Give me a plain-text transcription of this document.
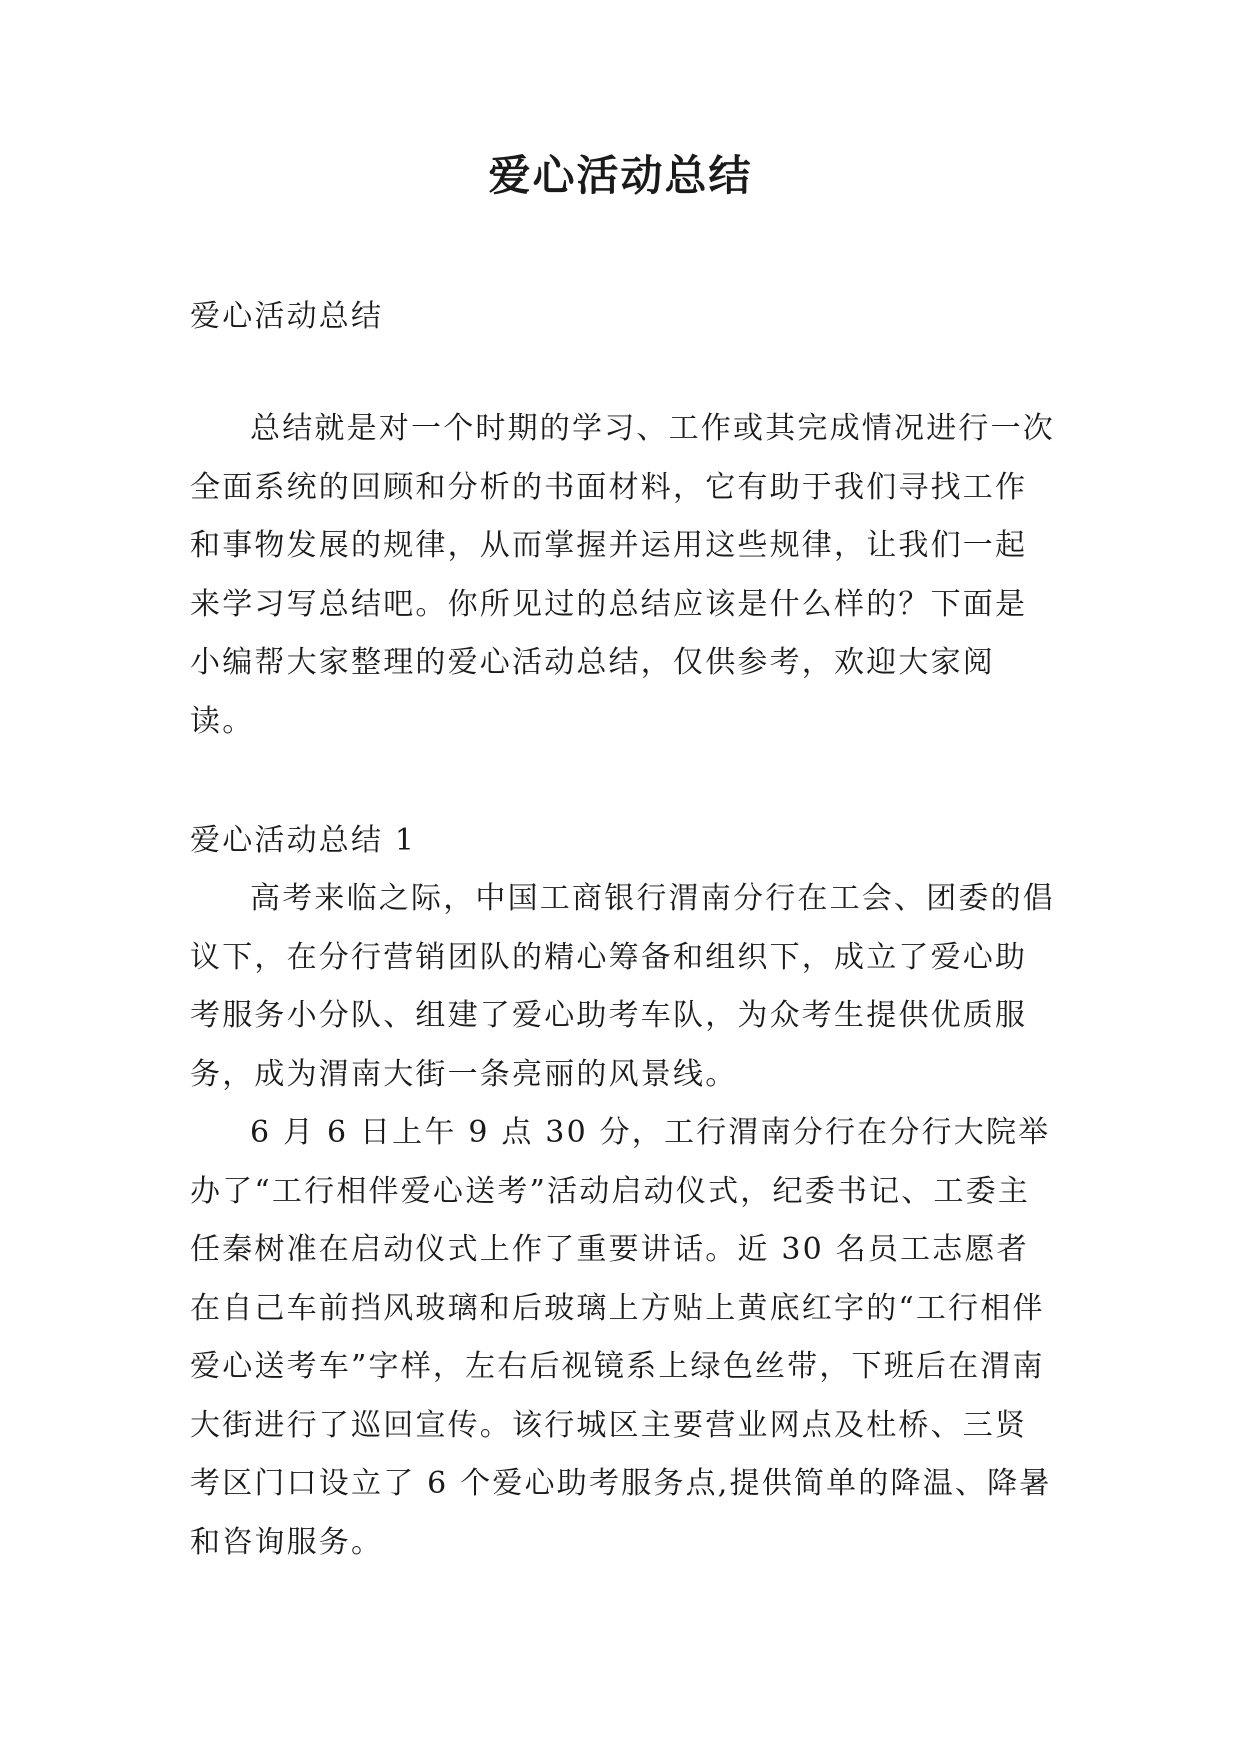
爱心活动总结

爱心活动总结

总结就是对一个时期的学习、工作或其完成情况进行一次全面系统的回顾和分析的书面材料，它有助于我们寻找工作和事物发展的规律，从而掌握并运用这些规律，让我们一起来学习写总结吧。你所见过的总结应该是什么样的？下面是小编帮大家整理的爱心活动总结，仅供参考，欢迎大家阅读。

爱心活动总结 1

高考来临之际，中国工商银行渭南分行在工会、团委的倡议下，在分行营销团队的精心筹备和组织下，成立了爱心助考服务小分队、组建了爱心助考车队，为众考生提供优质服务，成为渭南大街一条亮丽的风景线。

6 月 6 日上午 9 点 30 分，工行渭南分行在分行大院举办了“工行相伴爱心送考”活动启动仪式，纪委书记、工委主任秦树准在启动仪式上作了重要讲话。近 30 名员工志愿者在自己车前挡风玻璃和后玻璃上方贴上黄底红字的“工行相伴爱心送考车”字样，左右后视镜系上绿色丝带，下班后在渭南大街进行了巡回宣传。该行城区主要营业网点及杜桥、三贤考区门口设立了 6 个爱心助考服务点,提供简单的降温、降暑和咨询服务。
